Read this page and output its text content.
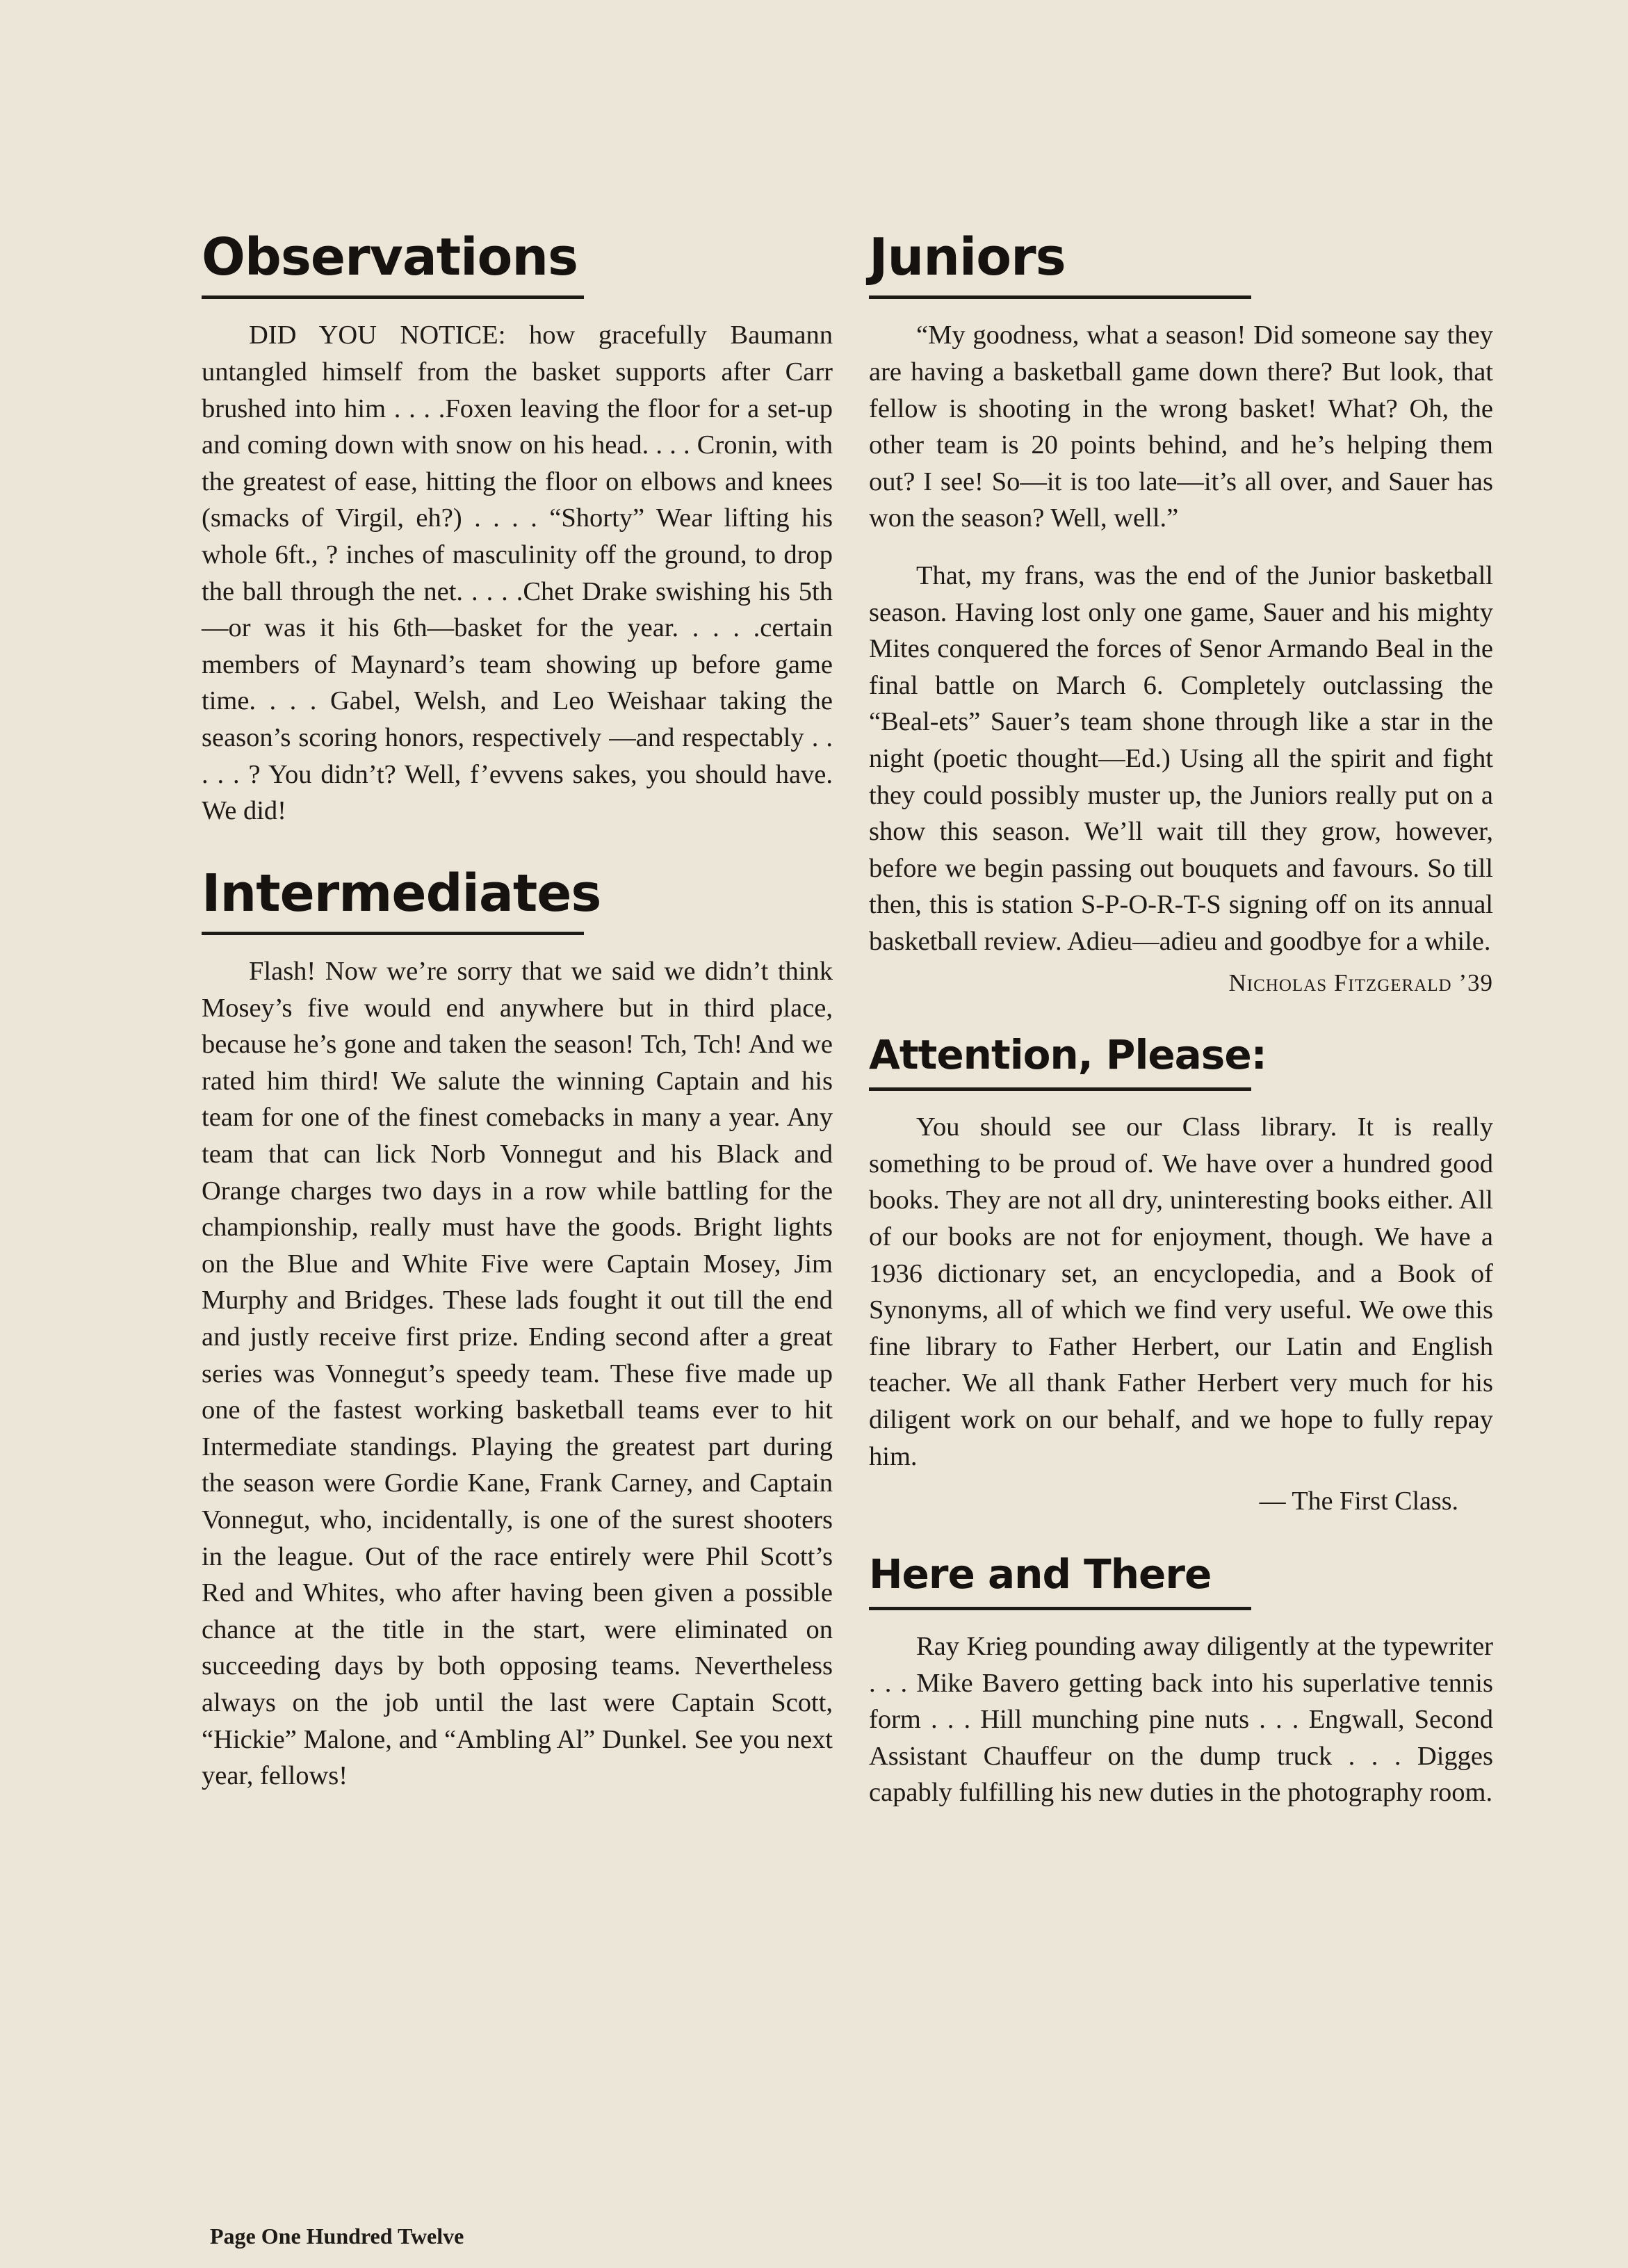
Observations

DID YOU NOTICE: how gracefully Baumann untangled himself from the basket supports after Carr brushed into him . . . .Foxen leaving the floor for a set-up and coming down with snow on his head. . . . Cronin, with the greatest of ease, hitting the floor on elbows and knees (smacks of Virgil, eh?) . . . . “Shorty” Wear lifting his whole 6ft., ? inches of masculinity off the ground, to drop the ball through the net. . . . .Chet Drake swishing his 5th—or was it his 6th—basket for the year. . . . .certain members of Maynard’s team showing up before game time. . . . Gabel, Welsh, and Leo Weishaar taking the season’s scoring honors, respectively —and respectably . . . . . ? You didn’t? Well, f’evvens sakes, you should have. We did!

Intermediates

Flash! Now we’re sorry that we said we didn’t think Mosey’s five would end anywhere but in third place, because he’s gone and taken the season! Tch, Tch! And we rated him third! We salute the winning Captain and his team for one of the finest comebacks in many a year. Any team that can lick Norb Vonnegut and his Black and Orange charges two days in a row while battling for the championship, really must have the goods. Bright lights on the Blue and White Five were Captain Mosey, Jim Murphy and Bridges. These lads fought it out till the end and justly receive first prize. Ending second after a great series was Vonnegut’s speedy team. These five made up one of the fastest working basketball teams ever to hit Intermediate standings. Playing the greatest part during the season were Gordie Kane, Frank Carney, and Captain Vonnegut, who, incidentally, is one of the surest shooters in the league. Out of the race entirely were Phil Scott’s Red and Whites, who after having been given a possible chance at the title in the start, were eliminated on succeeding days by both opposing teams. Nevertheless always on the job until the last were Captain Scott, “Hickie” Malone, and “Ambling Al” Dunkel. See you next year, fellows!

Juniors

“My goodness, what a season! Did someone say they are having a basketball game down there? But look, that fellow is shooting in the wrong basket! What? Oh, the other team is 20 points behind, and he’s helping them out? I see! So—it is too late—it’s all over, and Sauer has won the season? Well, well.”

That, my frans, was the end of the Junior basketball season. Having lost only one game, Sauer and his mighty Mites conquered the forces of Senor Armando Beal in the final battle on March 6. Completely outclassing the “Beal-ets” Sauer’s team shone through like a star in the night (poetic thought—Ed.) Using all the spirit and fight they could possibly muster up, the Juniors really put on a show this season. We’ll wait till they grow, however, before we begin passing out bouquets and favours. So till then, this is station S-P-O-R-T-S signing off on its annual basketball review. Adieu—adieu and goodbye for a while.

Nicholas Fitzgerald ’39

Attention, Please:

You should see our Class library. It is really something to be proud of. We have over a hundred good books. They are not all dry, uninteresting books either. All of our books are not for enjoyment, though. We have a 1936 dictionary set, an encyclopedia, and a Book of Synonyms, all of which we find very useful. We owe this fine library to Father Herbert, our Latin and English teacher. We all thank Father Herbert very much for his diligent work on our behalf, and we hope to fully repay him.

— The First Class.

Here and There

Ray Krieg pounding away diligently at the typewriter . . . Mike Bavero getting back into his superlative tennis form . . . Hill munching pine nuts . . . Engwall, Second Assistant Chauffeur on the dump truck . . . Digges capably fulfilling his new duties in the photography room.

Page One Hundred Twelve
